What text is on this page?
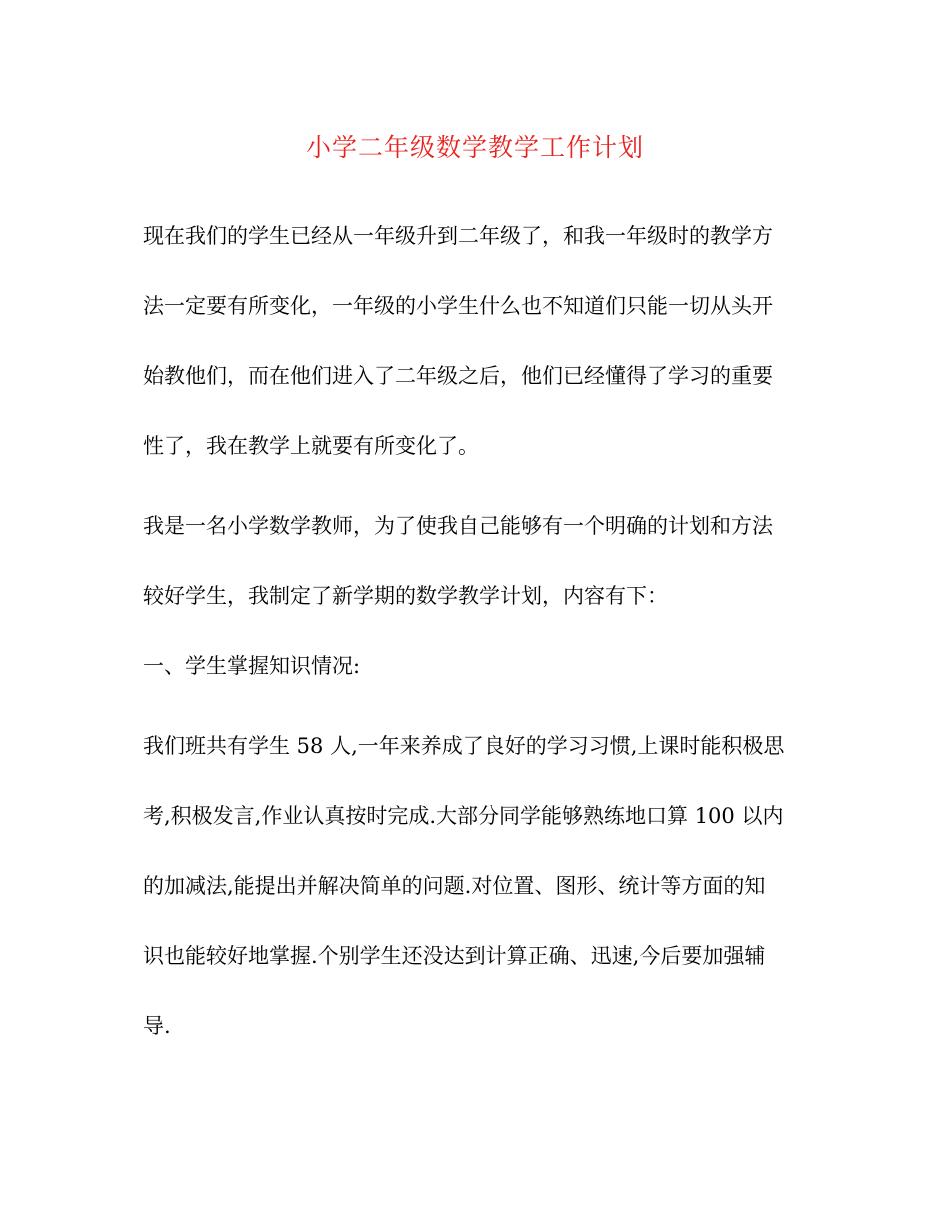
小学二年级数学教学工作计划

现在我们的学生已经从一年级升到二年级了，和我一年级时的教学方

法一定要有所变化，一年级的小学生什么也不知道们只能一切从头开

始教他们，而在他们进入了二年级之后，他们已经懂得了学习的重要

性了，我在教学上就要有所变化了。

我是一名小学数学教师，为了使我自己能够有一个明确的计划和方法

较好学生，我制定了新学期的数学教学计划，内容有下：

一、学生掌握知识情况:

我们班共有学生 58 人,一年来养成了良好的学习习惯,上课时能积极思

考,积极发言,作业认真按时完成.大部分同学能够熟练地口算 100 以内

的加减法,能提出并解决简单的问题.对位置、图形、统计等方面的知

识也能较好地掌握.个别学生还没达到计算正确、迅速,今后要加强辅

导.
